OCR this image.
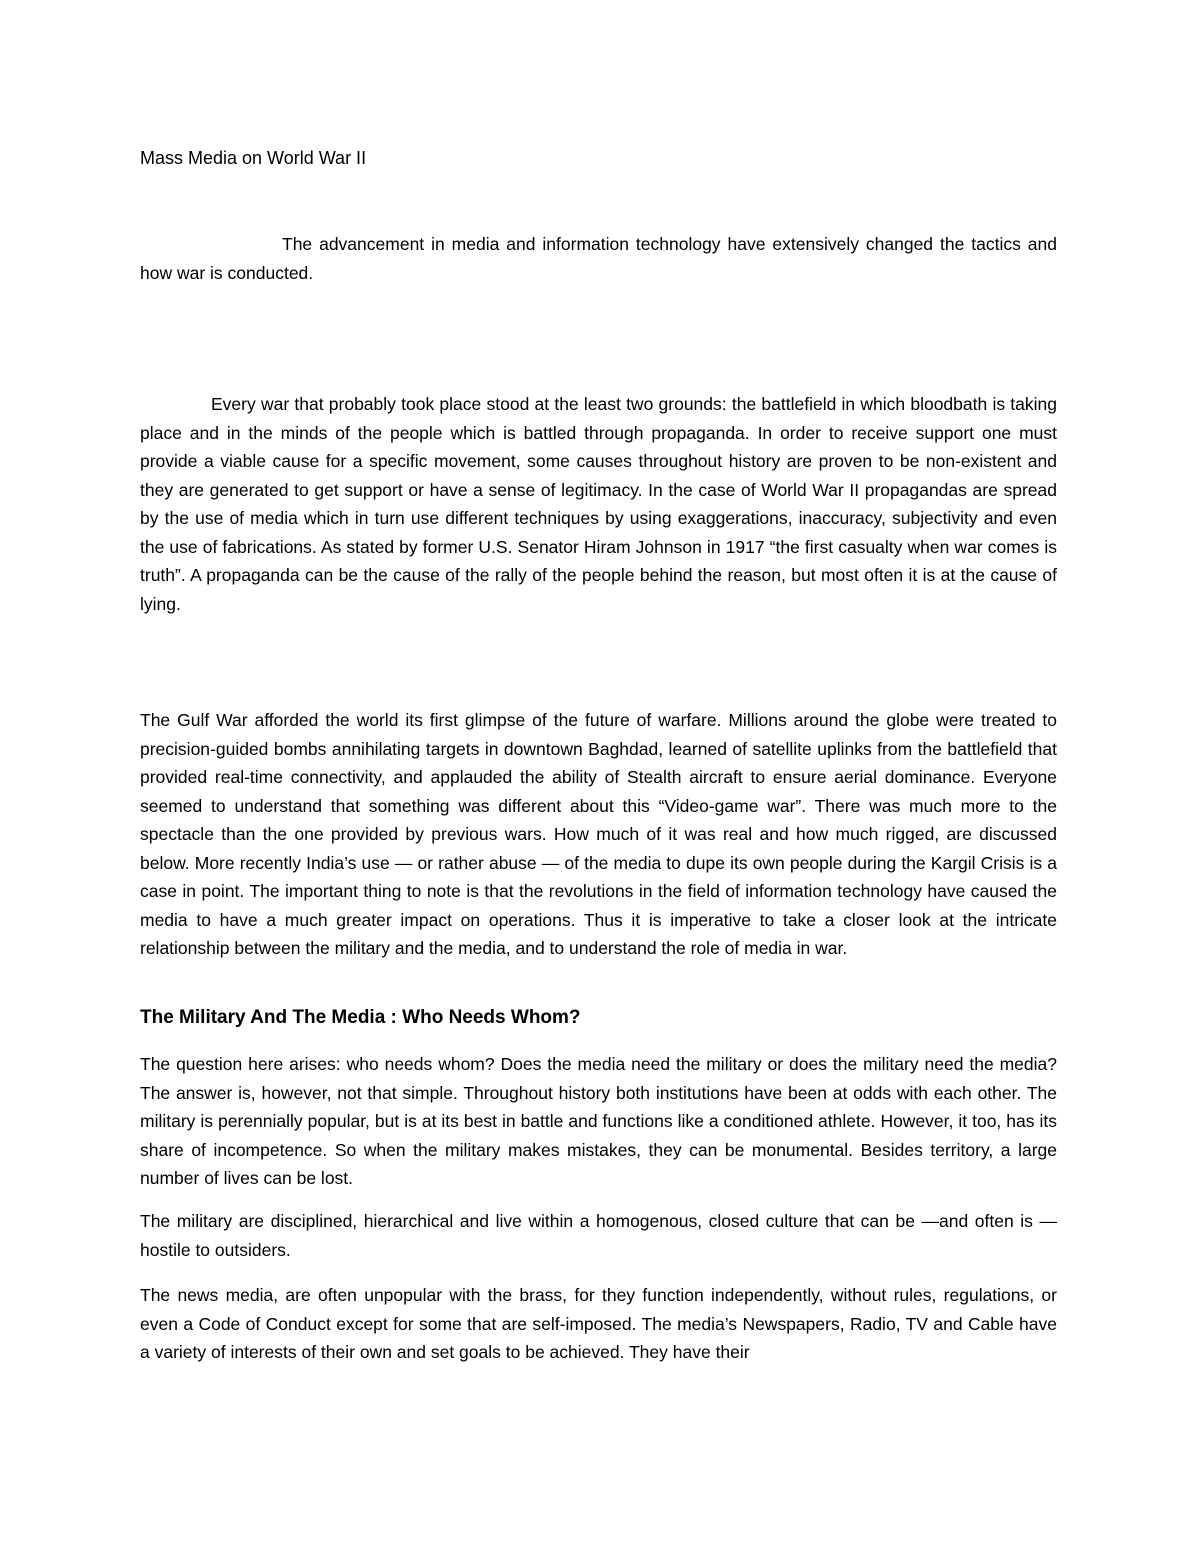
Mass Media on World War II

The advancement in media and information technology have extensively changed the tactics and how war is conducted.

Every war that probably took place stood at the least two grounds: the battlefield in which bloodbath is taking place and in the minds of the people which is battled through propaganda. In order to receive support one must provide a viable cause for a specific movement, some causes throughout history are proven to be non-existent and they are generated to get support or have a sense of legitimacy. In the case of World War II propagandas are spread by the use of media which in turn use different techniques by using exaggerations, inaccuracy, subjectivity and even the use of fabrications. As stated by former U.S. Senator Hiram Johnson in 1917 “the first casualty when war comes is truth”. A propaganda can be the cause of the rally of the people behind the reason, but most often it is at the cause of lying.

The Gulf War afforded the world its first glimpse of the future of warfare. Millions around the globe were treated to precision-guided bombs annihilating targets in downtown Baghdad, learned of satellite uplinks from the battlefield that provided real-time connectivity, and applauded the ability of Stealth aircraft to ensure aerial dominance. Everyone seemed to understand that something was different about this “Video-game war”. There was much more to the spectacle than the one provided by previous wars. How much of it was real and how much rigged, are discussed below. More recently India’s use — or rather abuse — of the media to dupe its own people during the Kargil Crisis is a case in point. The important thing to note is that the revolutions in the field of information technology have caused the media to have a much greater impact on operations. Thus it is imperative to take a closer look at the intricate relationship between the military and the media, and to understand the role of media in war.

The Military And The Media : Who Needs Whom?

The question here arises: who needs whom? Does the media need the military or does the military need the media? The answer is, however, not that simple. Throughout history both institutions have been at odds with each other. The military is perennially popular, but is at its best in battle and functions like a conditioned athlete. However, it too, has its share of incompetence. So when the military makes mistakes, they can be monumental. Besides territory, a large number of lives can be lost.

The military are disciplined, hierarchical and live within a homogenous, closed culture that can be —and often is — hostile to outsiders.

The news media, are often unpopular with the brass, for they function independently, without rules, regulations, or even a Code of Conduct except for some that are self-imposed. The media’s Newspapers, Radio, TV and Cable have a variety of interests of their own and set goals to be achieved. They have their
